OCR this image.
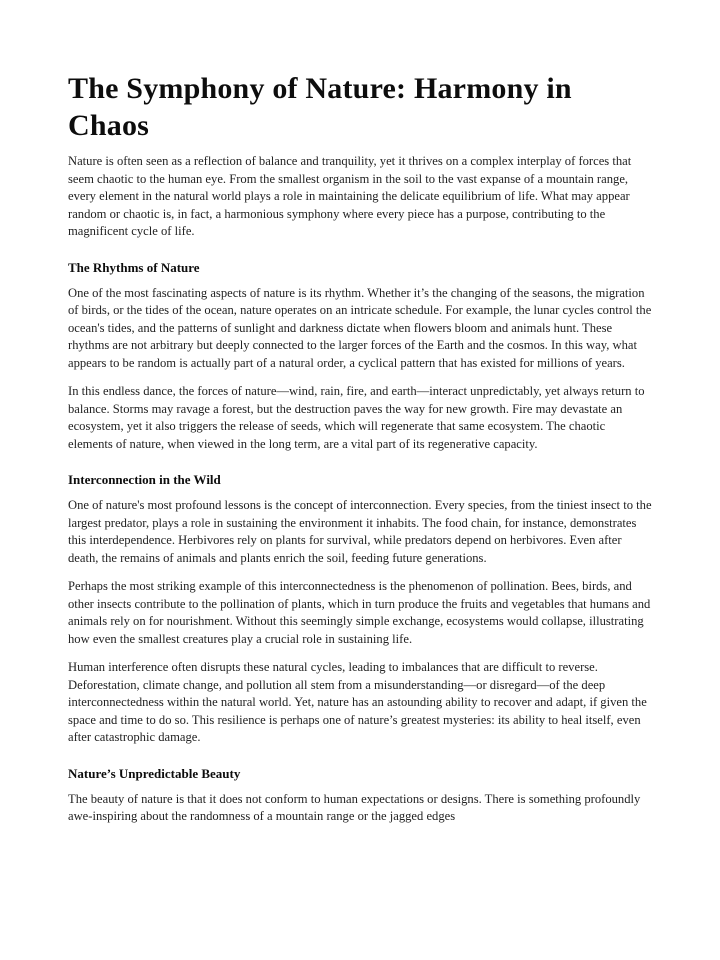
The Symphony of Nature: Harmony in Chaos

Nature is often seen as a reflection of balance and tranquility, yet it thrives on a complex interplay of forces that seem chaotic to the human eye. From the smallest organism in the soil to the vast expanse of a mountain range, every element in the natural world plays a role in maintaining the delicate equilibrium of life. What may appear random or chaotic is, in fact, a harmonious symphony where every piece has a purpose, contributing to the magnificent cycle of life.

The Rhythms of Nature

One of the most fascinating aspects of nature is its rhythm. Whether it’s the changing of the seasons, the migration of birds, or the tides of the ocean, nature operates on an intricate schedule. For example, the lunar cycles control the ocean's tides, and the patterns of sunlight and darkness dictate when flowers bloom and animals hunt. These rhythms are not arbitrary but deeply connected to the larger forces of the Earth and the cosmos. In this way, what appears to be random is actually part of a natural order, a cyclical pattern that has existed for millions of years.

In this endless dance, the forces of nature—wind, rain, fire, and earth—interact unpredictably, yet always return to balance. Storms may ravage a forest, but the destruction paves the way for new growth. Fire may devastate an ecosystem, yet it also triggers the release of seeds, which will regenerate that same ecosystem. The chaotic elements of nature, when viewed in the long term, are a vital part of its regenerative capacity.

Interconnection in the Wild

One of nature's most profound lessons is the concept of interconnection. Every species, from the tiniest insect to the largest predator, plays a role in sustaining the environment it inhabits. The food chain, for instance, demonstrates this interdependence. Herbivores rely on plants for survival, while predators depend on herbivores. Even after death, the remains of animals and plants enrich the soil, feeding future generations.

Perhaps the most striking example of this interconnectedness is the phenomenon of pollination. Bees, birds, and other insects contribute to the pollination of plants, which in turn produce the fruits and vegetables that humans and animals rely on for nourishment. Without this seemingly simple exchange, ecosystems would collapse, illustrating how even the smallest creatures play a crucial role in sustaining life.

Human interference often disrupts these natural cycles, leading to imbalances that are difficult to reverse. Deforestation, climate change, and pollution all stem from a misunderstanding—or disregard—of the deep interconnectedness within the natural world. Yet, nature has an astounding ability to recover and adapt, if given the space and time to do so. This resilience is perhaps one of nature’s greatest mysteries: its ability to heal itself, even after catastrophic damage.

Nature’s Unpredictable Beauty

The beauty of nature is that it does not conform to human expectations or designs. There is something profoundly awe-inspiring about the randomness of a mountain range or the jagged edges
